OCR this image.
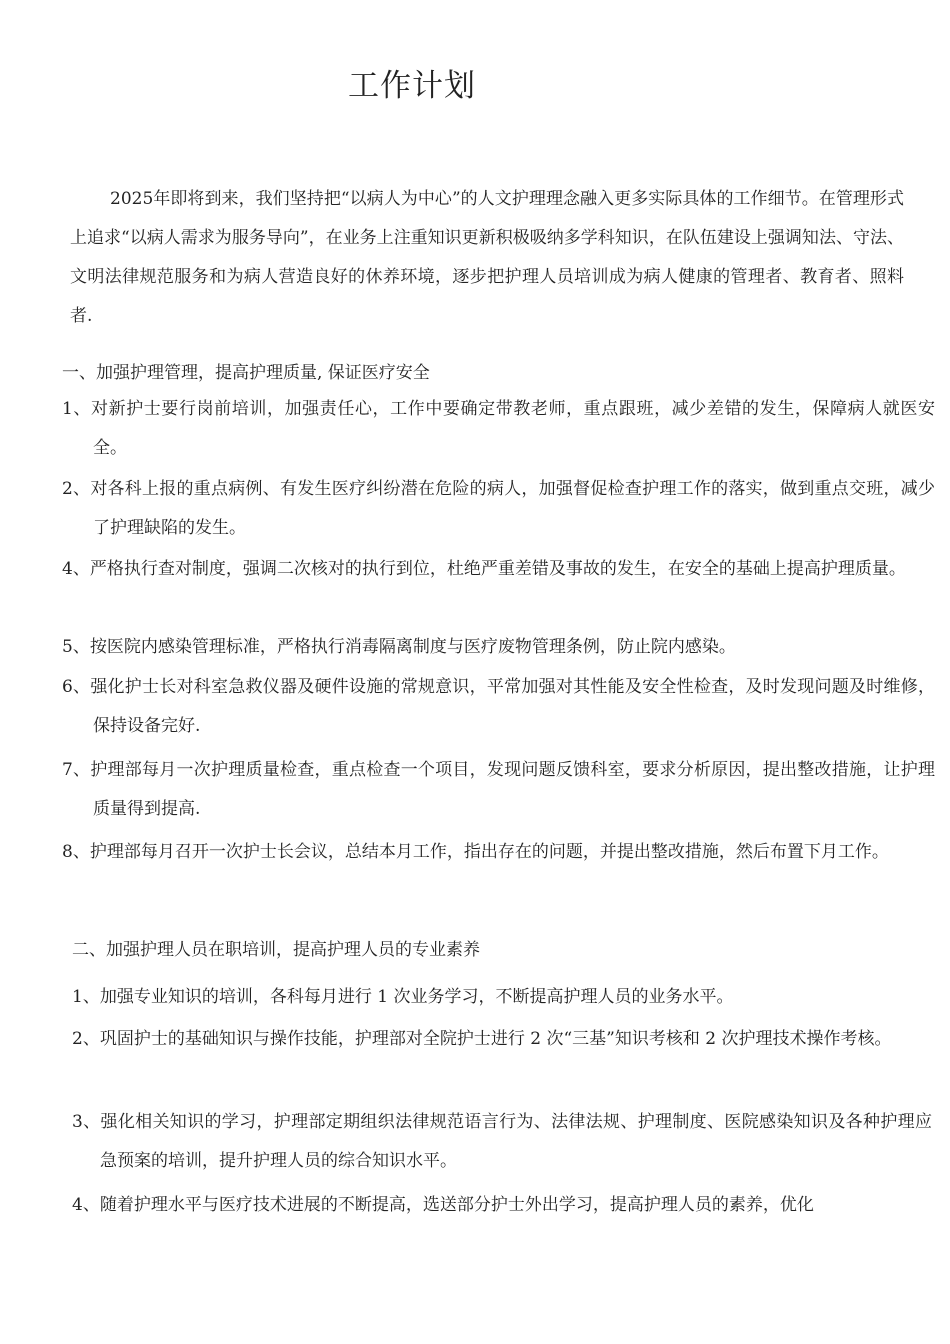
工作计划
2025年即将到来，我们坚持把“以病人为中心”的人文护理理念融入更多实际具体的工作细节。在管理形式上追求“以病人需求为服务导向”，在业务上注重知识更新积极吸纳多学科知识，在队伍建设上强调知法、守法、文明法律规范服务和为病人营造良好的休养环境，逐步把护理人员培训成为病人健康的管理者、教育者、照料者.
一、加强护理管理，提高护理质量, 保证医疗安全
1、对新护士要行岗前培训，加强责任心，工作中要确定带教老师，重点跟班，减少差错的发生，保障病人就医安全。
2、对各科上报的重点病例、有发生医疗纠纷潜在危险的病人，加强督促检查护理工作的落实，做到重点交班，减少了护理缺陷的发生。
4、严格执行查对制度，强调二次核对的执行到位，杜绝严重差错及事故的发生，在安全的基础上提高护理质量。
5、按医院内感染管理标准，严格执行消毒隔离制度与医疗废物管理条例，防止院内感染。
6、强化护士长对科室急救仪器及硬件设施的常规意识，平常加强对其性能及安全性检查，及时发现问题及时维修，保持设备完好.
7、护理部每月一次护理质量检查，重点检查一个项目，发现问题反馈科室，要求分析原因，提出整改措施，让护理质量得到提高.
8、护理部每月召开一次护士长会议，总结本月工作，指出存在的问题，并提出整改措施，然后布置下月工作。
二、加强护理人员在职培训，提高护理人员的专业素养
1、加强专业知识的培训，各科每月进行 1 次业务学习，不断提高护理人员的业务水平。
2、巩固护士的基础知识与操作技能，护理部对全院护士进行 2 次“三基”知识考核和 2 次护理技术操作考核。
3、强化相关知识的学习，护理部定期组织法律规范语言行为、法律法规、护理制度、医院感染知识及各种护理应急预案的培训，提升护理人员的综合知识水平。
4、随着护理水平与医疗技术进展的不断提高，选送部分护士外出学习，提高护理人员的素养，优化
